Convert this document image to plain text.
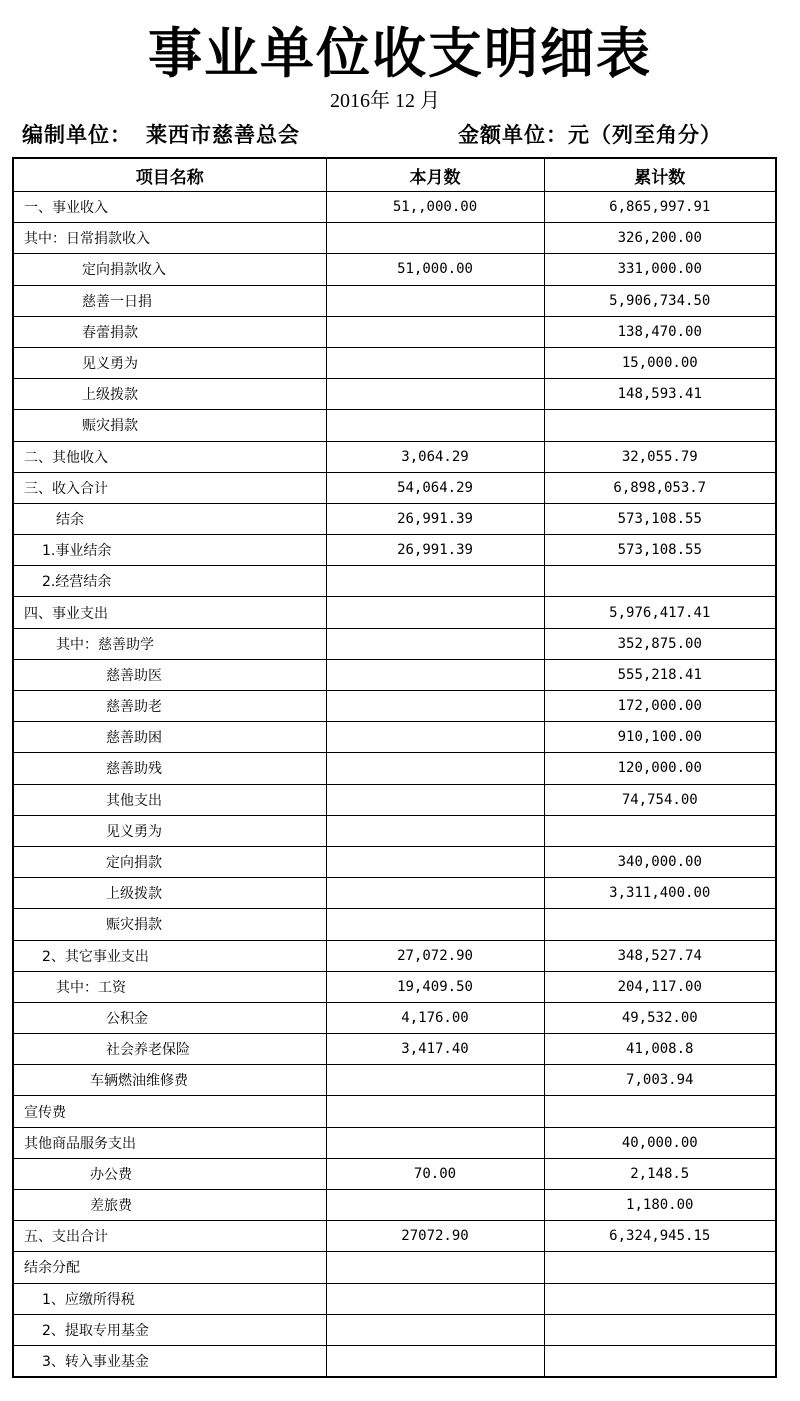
事业单位收支明细表
2016年 12 月
编制单位： 莱西市慈善总会	金额单位：元（列至角分）
项目名称	本月数	累计数
一、事业收入	51,,000.00	6,865,997.91
其中：日常捐款收入		326,200.00
定向捐款收入	51,000.00	331,000.00
慈善一日捐		5,906,734.50
春蕾捐款		138,470.00
见义勇为		15,000.00
上级拨款		148,593.41
赈灾捐款		
二、其他收入	3,064.29	32,055.79
三、收入合计	54,064.29	6,898,053.7
结余	26,991.39	573,108.55
1.事业结余	26,991.39	573,108.55
2.经营结余		
四、事业支出		5,976,417.41
其中：慈善助学		352,875.00
慈善助医		555,218.41
慈善助老		172,000.00
慈善助困		910,100.00
慈善助残		120,000.00
其他支出		74,754.00
见义勇为		
定向捐款		340,000.00
上级拨款		3,311,400.00
赈灾捐款		
2、其它事业支出	27,072.90	348,527.74
其中：工资	19,409.50	204,117.00
公积金	4,176.00	49,532.00
社会养老保险	3,417.40	41,008.8
车辆燃油维修费		7,003.94
宣传费		
其他商品服务支出		40,000.00
办公费	70.00	2,148.5
差旅费		1,180.00
五、支出合计	27072.90	6,324,945.15
结余分配		
1、应缴所得税		
2、提取专用基金		
3、转入事业基金		
